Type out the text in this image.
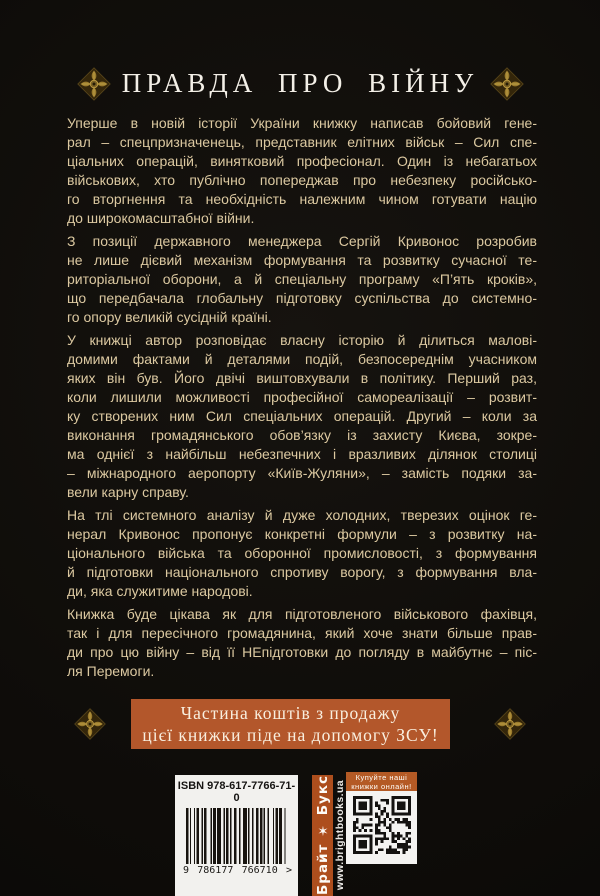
ПРАВДА ПРО ВІЙНУ
Уперше в новій історії України книжку написав бойовий гене-
рал – спецпризначенець, представник елітних військ – Сил спе-
ціальних операцій, винятковий професіонал. Один із небагатьох
військових, хто публічно попереджав про небезпеку російсько-
го вторгнення та необхідність належним чином готувати націю
до широкомасштабної війни.
З позиції державного менеджера Сергій Кривонос розробив
не лише дієвий механізм формування та розвитку сучасної те-
риторіальної оборони, а й спеціальну програму «П’ять кроків»,
що передбачала глобальну підготовку суспільства до системно-
го опору великій сусідній країні.
У книжці автор розповідає власну історію й ділиться малові-
домими фактами й деталями подій, безпосереднім учасником
яких він був. Його двічі виштовхували в політику. Перший раз,
коли лишили можливості професійної самореалізації – розвит-
ку створених ним Сил спеціальних операцій. Другий – коли за
виконання громадянського обов’язку із захисту Києва, зокре-
ма однієї з найбільш небезпечних і вразливих ділянок столиці
– міжнародного аеропорту «Київ-Жуляни», – замість подяки за-
вели карну справу.
На тлі системного аналізу й дуже холодних, тверезих оцінок ге-
нерал Кривонос пропонує конкретні формули – з розвитку на-
ціонального війська та оборонної промисловості, з формування
й підготовки національного спротиву ворогу, з формування вла-
ди, яка служитиме народові.
Книжка буде цікава як для підготовленого військового фахівця,
так і для пересічного громадянина, який хоче знати більше прав-
ди про цю війну – від її НЕпідготовки до погляду в майбутнє – піс-
ля Перемоги.
Частина коштів з продажу
цієї книжки піде на допомогу ЗСУ!
ISBN 978-617-7766-71-0
9 786177 766710 > Брайт ✶ Букс www.brightbooks.ua
Купуйте наші
книжки онлайн!
